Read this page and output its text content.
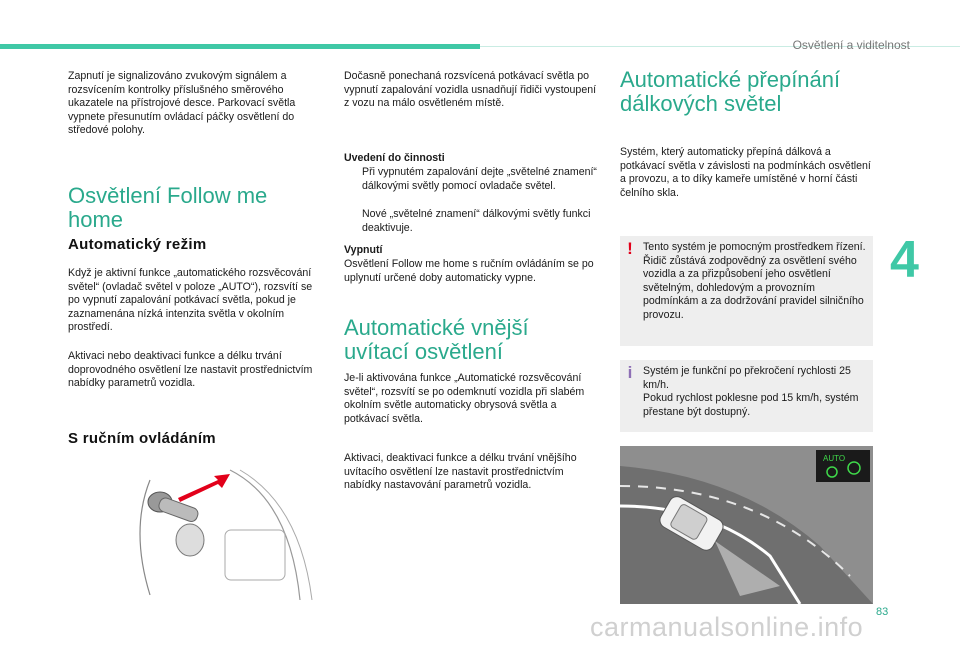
Osvětlení a viditelnost

Zapnutí je signalizováno zvukovým signálem a rozsvícením kontrolky příslušného směrového ukazatele na přístrojové desce. Parkovací světla vypnete přesunutím ovládací páčky osvětlení do středové polohy.

Osvětlení Follow me home
Automatický režim

Když je aktivní funkce „automatického rozsvěcování světel“ (ovladač světel v poloze „AUTO“), rozsvítí se po vypnutí zapalování potkávací světla, pokud je zaznamenána nízká intenzita světla v okolním prostředí.

Aktivaci nebo deaktivaci funkce a délku trvání doprovodného osvětlení lze nastavit prostřednictvím nabídky parametrů vozidla.

S ručním ovládáním

Dočasně ponechaná rozsvícená potkávací světla po vypnutí zapalování vozidla usnadňují řidiči vystoupení z vozu na málo osvětleném místě.

Uvedení do činnosti
Při vypnutém zapalování dejte „světelné znamení“ dálkovými světly pomocí ovladače světel.
Nové „světelné znamení“ dálkovými světly funkci deaktivuje.
Vypnutí

Osvětlení Follow me home s ručním ovládáním se po uplynutí určené doby automaticky vypne.

Automatické vnější uvítací osvětlení

Je-li aktivována funkce „Automatické rozsvěcování světel“, rozsvítí se po odemknutí vozidla při slabém okolním světle automaticky obrysová světla a potkávací světla.

Aktivaci, deaktivaci funkce a délku trvání vnějšího uvítacího osvětlení lze nastavit prostřednictvím nabídky nastavování parametrů vozidla.

Automatické přepínání dálkových světel

Systém, který automaticky přepíná dálková a potkávací světla v závislosti na podmínkách osvětlení a provozu, a to díky kameře umístěné v horní části čelního skla.

! Tento systém je pomocným prostředkem řízení.
Řidič zůstává zodpovědný za osvětlení svého vozidla a za přizpůsobení jeho osvětlení světelným, dohledovým a provozním podmínkám a za dodržování pravidel silničního provozu.

i	Systém je funkční po překročení rychlosti 25 km/h.
Pokud rychlost poklesne pod 15 km/h, systém přestane být dostupný.

AUTO
4
83
carmanualsonline.info
